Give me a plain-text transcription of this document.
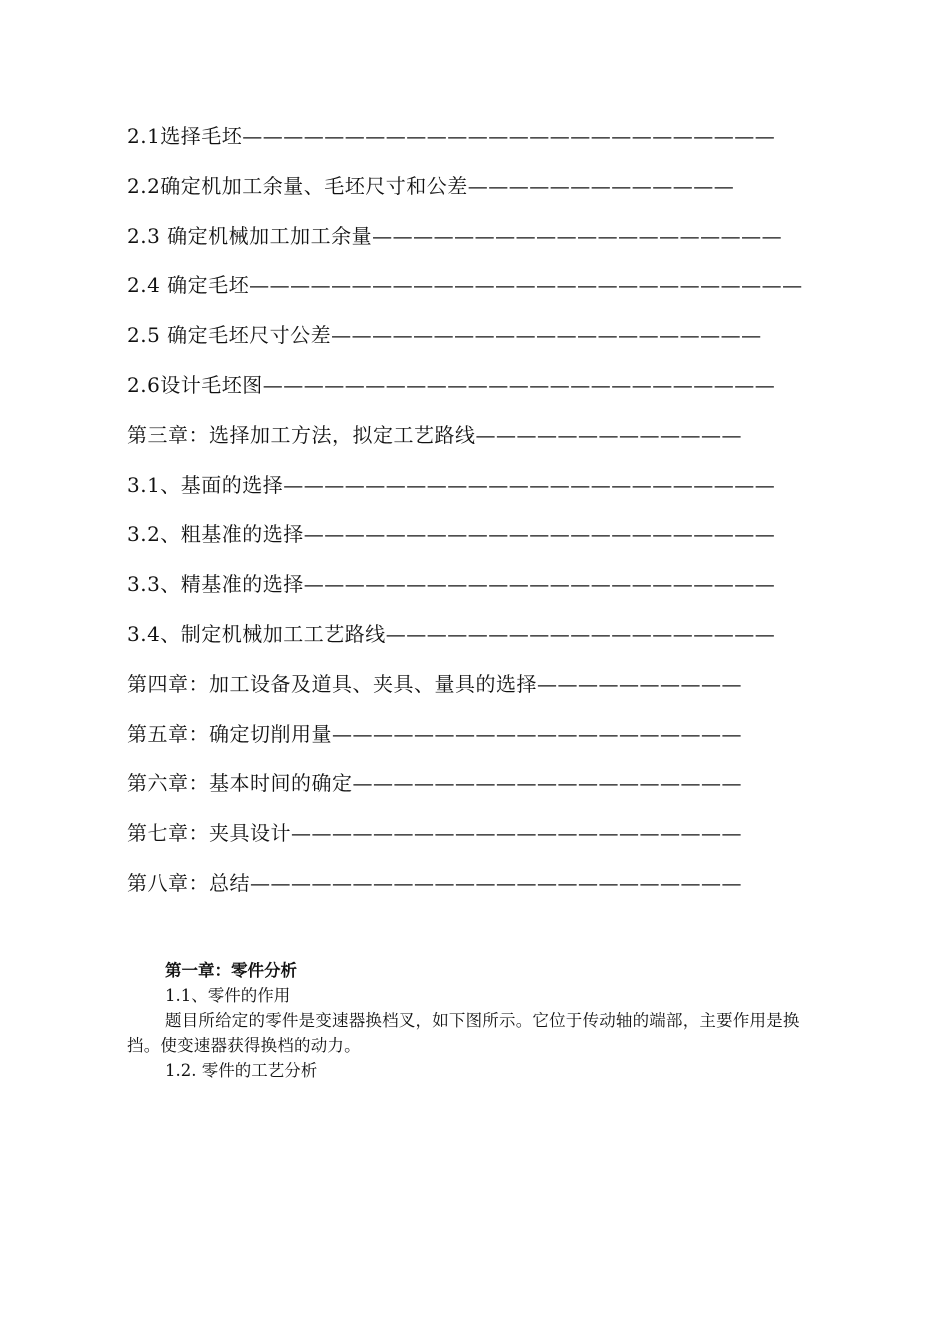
2.1选择毛坯——————————————————————————
2.2确定机加工余量、毛坯尺寸和公差—————————————
2.3 确定机械加工加工余量————————————————————
2.4 确定毛坯———————————————————————————
2.5 确定毛坯尺寸公差—————————————————————
2.6设计毛坯图—————————————————————————
第三章：选择加工方法，拟定工艺路线—————————————
3.1、基面的选择————————————————————————
3.2、粗基准的选择———————————————————————
3.3、精基准的选择———————————————————————
3.4、制定机械加工工艺路线———————————————————
第四章：加工设备及道具、夹具、量具的选择——————————
第五章：确定切削用量————————————————————
第六章：基本时间的确定———————————————————
第七章：夹具设计——————————————————————
第八章：总结————————————————————————
第一章：零件分析
1.1、零件的作用
题目所给定的零件是变速器换档叉，如下图所示。它位于传动轴的端部，主要作用是换挡。使变速器获得换档的动力。
1.2. 零件的工艺分析
